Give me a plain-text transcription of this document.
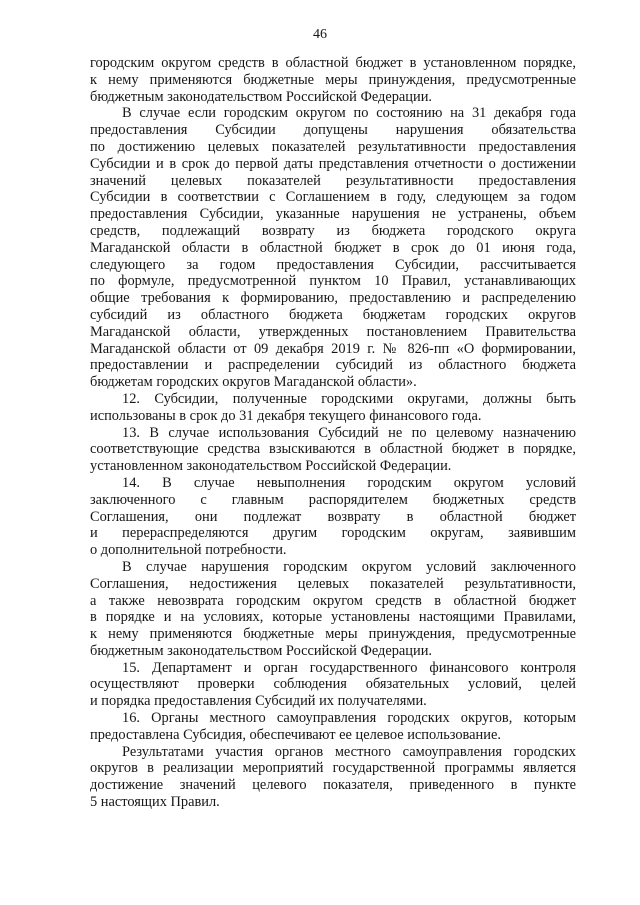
46
городским округом средств в областной бюджет в установленном порядке,
к нему применяются бюджетные меры принуждения, предусмотренные
бюджетным законодательством Российской Федерации.
В случае если городским округом по состоянию на 31 декабря года
предоставления Субсидии допущены нарушения обязательства
по достижению целевых показателей результативности предоставления
Субсидии и в срок до первой даты представления отчетности о достижении
значений целевых показателей результативности предоставления
Субсидии в соответствии с Соглашением в году, следующем за годом
предоставления Субсидии, указанные нарушения не устранены, объем
средств, подлежащий возврату из бюджета городского округа
Магаданской области в областной бюджет в срок до 01 июня года,
следующего за годом предоставления Субсидии, рассчитывается
по формуле, предусмотренной пунктом 10 Правил, устанавливающих
общие требования к формированию, предоставлению и распределению
субсидий из областного бюджета бюджетам городских округов
Магаданской области, утвержденных постановлением Правительства
Магаданской области от 09 декабря 2019 г. № 826-пп «О формировании,
предоставлении и распределении субсидий из областного бюджета
бюджетам городских округов Магаданской области».
12. Субсидии, полученные городскими округами, должны быть
использованы в срок до 31 декабря текущего финансового года.
13. В случае использования Субсидий не по целевому назначению
соответствующие средства взыскиваются в областной бюджет в порядке,
установленном законодательством Российской Федерации.
14. В случае невыполнения городским округом условий
заключенного с главным распорядителем бюджетных средств
Соглашения, они подлежат возврату в областной бюджет
и перераспределяются другим городским округам, заявившим
о дополнительной потребности.
В случае нарушения городским округом условий заключенного
Соглашения, недостижения целевых показателей результативности,
а также невозврата городским округом средств в областной бюджет
в порядке и на условиях, которые установлены настоящими Правилами,
к нему применяются бюджетные меры принуждения, предусмотренные
бюджетным законодательством Российской Федерации.
15. Департамент и орган государственного финансового контроля
осуществляют проверки соблюдения обязательных условий, целей
и порядка предоставления Субсидий их получателями.
16. Органы местного самоуправления городских округов, которым
предоставлена Субсидия, обеспечивают ее целевое использование.
Результатами участия органов местного самоуправления городских
округов в реализации мероприятий государственной программы является
достижение значений целевого показателя, приведенного в пункте
5 настоящих Правил.
